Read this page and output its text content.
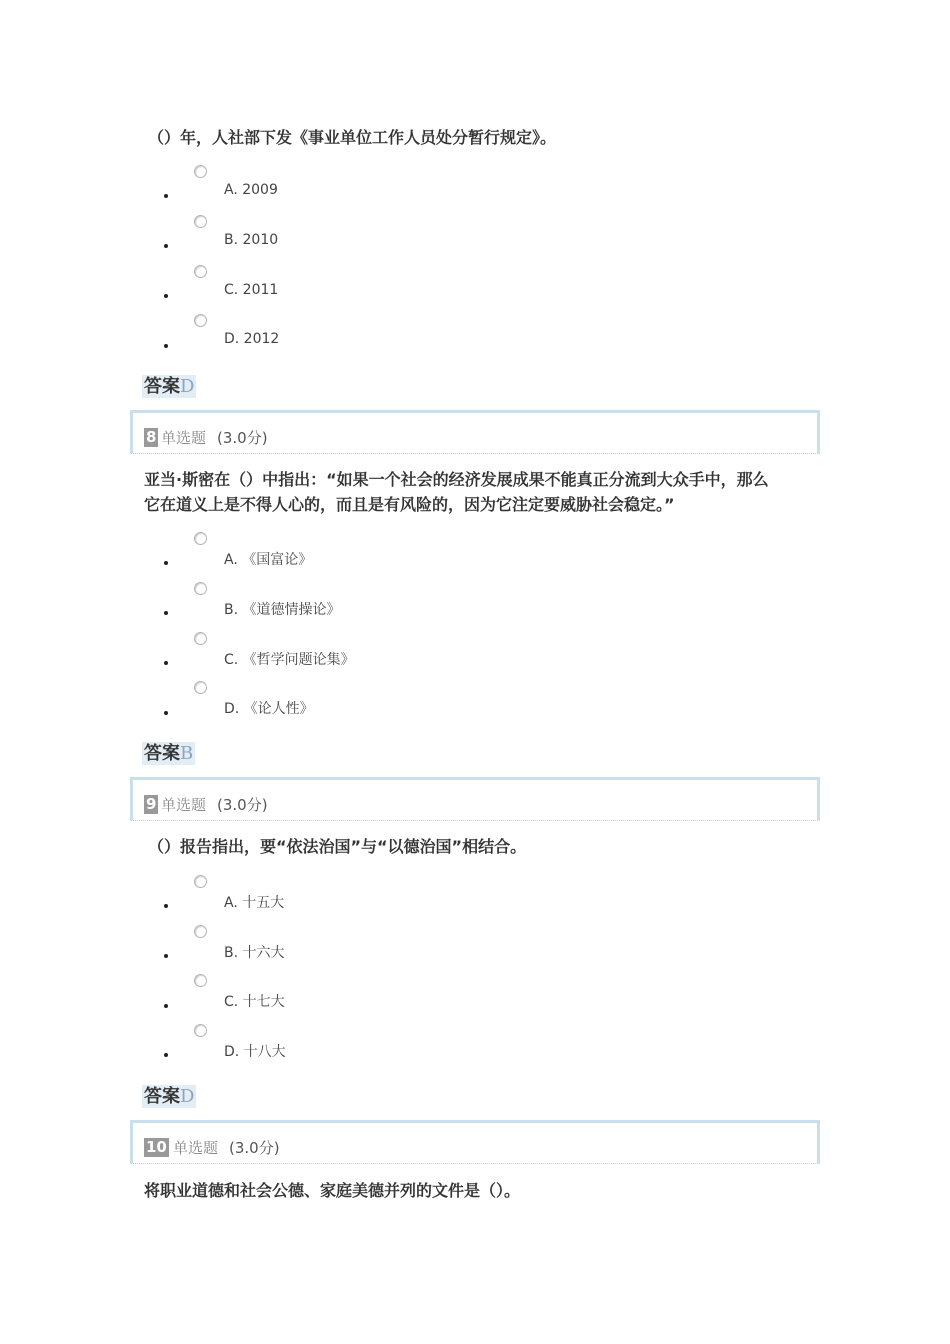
（）年，人社部下发《事业单位工作人员处分暂行规定》。
A. 2009
B. 2010
C. 2011
D. 2012
答案D
8 单选题 (3.0分)
亚当·斯密在（）中指出：“如果一个社会的经济发展成果不能真正分流到大众手中，那么
它在道义上是不得人心的，而且是有风险的，因为它注定要威胁社会稳定。”
A. 《国富论》
B. 《道德情操论》
C. 《哲学问题论集》
D. 《论人性》
答案B
9 单选题 (3.0分)
（）报告指出，要“依法治国”与“以德治国”相结合。
A. 十五大
B. 十六大
C. 十七大
D. 十八大
答案D
10 单选题 (3.0分)
将职业道德和社会公德、家庭美德并列的文件是（）。
